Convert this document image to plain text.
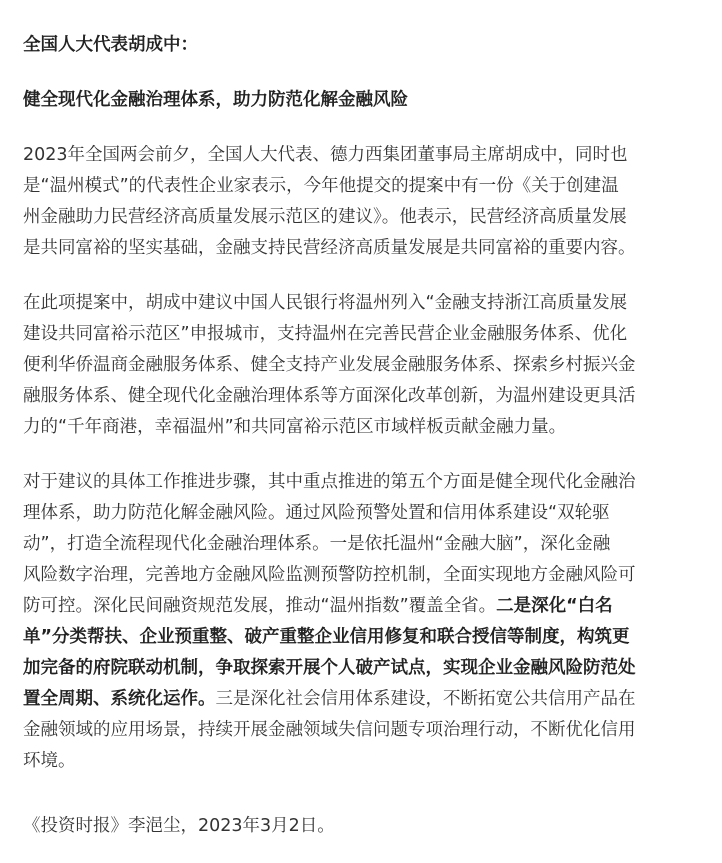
全国人大代表胡成中：
健全现代化金融治理体系，助力防范化解金融风险
2023年全国两会前夕，全国人大代表、德力西集团董事局主席胡成中，同时也
是“温州模式”的代表性企业家表示，今年他提交的提案中有一份《关于创建温
州金融助力民营经济高质量发展示范区的建议》。他表示，民营经济高质量发展
是共同富裕的坚实基础，金融支持民营经济高质量发展是共同富裕的重要内容。
在此项提案中，胡成中建议中国人民银行将温州列入“金融支持浙江高质量发展
建设共同富裕示范区”申报城市，支持温州在完善民营企业金融服务体系、优化
便利华侨温商金融服务体系、健全支持产业发展金融服务体系、探索乡村振兴金
融服务体系、健全现代化金融治理体系等方面深化改革创新，为温州建设更具活
力的“千年商港，幸福温州”和共同富裕示范区市域样板贡献金融力量。
对于建议的具体工作推进步骤，其中重点推进的第五个方面是健全现代化金融治
理体系，助力防范化解金融风险。通过风险预警处置和信用体系建设“双轮驱
动”，打造全流程现代化金融治理体系。一是依托温州“金融大脑”，深化金融
风险数字治理，完善地方金融风险监测预警防控机制，全面实现地方金融风险可
防可控。深化民间融资规范发展，推动“温州指数”覆盖全省。二是深化“白名
单”分类帮扶、企业预重整、破产重整企业信用修复和联合授信等制度，构筑更
加完备的府院联动机制，争取探索开展个人破产试点，实现企业金融风险防范处
置全周期、系统化运作。三是深化社会信用体系建设，不断拓宽公共信用产品在
金融领域的应用场景，持续开展金融领域失信问题专项治理行动，不断优化信用
环境。
《投资时报》李浥尘，2023年3月2日。
